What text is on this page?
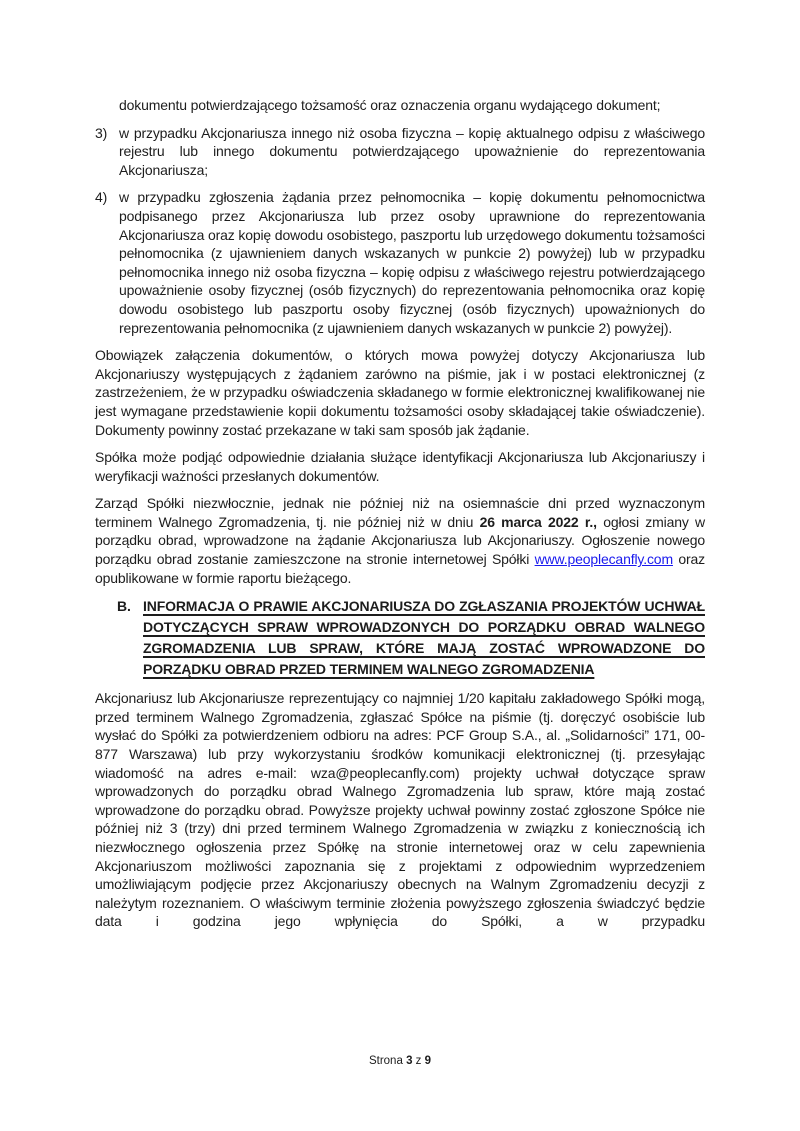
dokumentu potwierdzającego tożsamość oraz oznaczenia organu wydającego dokument;

3) w przypadku Akcjonariusza innego niż osoba fizyczna – kopię aktualnego odpisu z właściwego rejestru lub innego dokumentu potwierdzającego upoważnienie do reprezentowania Akcjonariusza;

4) w przypadku zgłoszenia żądania przez pełnomocnika – kopię dokumentu pełnomocnictwa podpisanego przez Akcjonariusza lub przez osoby uprawnione do reprezentowania Akcjonariusza oraz kopię dowodu osobistego, paszportu lub urzędowego dokumentu tożsamości pełnomocnika (z ujawnieniem danych wskazanych w punkcie 2) powyżej) lub w przypadku pełnomocnika innego niż osoba fizyczna – kopię odpisu z właściwego rejestru potwierdzającego upoważnienie osoby fizycznej (osób fizycznych) do reprezentowania pełnomocnika oraz kopię dowodu osobistego lub paszportu osoby fizycznej (osób fizycznych) upoważnionych do reprezentowania pełnomocnika (z ujawnieniem danych wskazanych w punkcie 2) powyżej).

Obowiązek załączenia dokumentów, o których mowa powyżej dotyczy Akcjonariusza lub Akcjonariuszy występujących z żądaniem zarówno na piśmie, jak i w postaci elektronicznej (z zastrzeżeniem, że w przypadku oświadczenia składanego w formie elektronicznej kwalifikowanej nie jest wymagane przedstawienie kopii dokumentu tożsamości osoby składającej takie oświadczenie). Dokumenty powinny zostać przekazane w taki sam sposób jak żądanie.

Spółka może podjąć odpowiednie działania służące identyfikacji Akcjonariusza lub Akcjonariuszy i weryfikacji ważności przesłanych dokumentów.

Zarząd Spółki niezwłocznie, jednak nie później niż na osiemnaście dni przed wyznaczonym terminem Walnego Zgromadzenia, tj. nie później niż w dniu 26 marca 2022 r., ogłosi zmiany w porządku obrad, wprowadzone na żądanie Akcjonariusza lub Akcjonariuszy. Ogłoszenie nowego porządku obrad zostanie zamieszczone na stronie internetowej Spółki www.peoplecanfly.com oraz opublikowane w formie raportu bieżącego.

B. INFORMACJA O PRAWIE AKCJONARIUSZA DO ZGŁASZANIA PROJEKTÓW UCHWAŁ DOTYCZĄCYCH SPRAW WPROWADZONYCH DO PORZĄDKU OBRAD WALNEGO ZGROMADZENIA LUB SPRAW, KTÓRE MAJĄ ZOSTAĆ WPROWADZONE DO PORZĄDKU OBRAD PRZED TERMINEM WALNEGO ZGROMADZENIA

Akcjonariusz lub Akcjonariusze reprezentujący co najmniej 1/20 kapitału zakładowego Spółki mogą, przed terminem Walnego Zgromadzenia, zgłaszać Spółce na piśmie (tj. doręczyć osobiście lub wysłać do Spółki za potwierdzeniem odbioru na adres: PCF Group S.A., al. „Solidarności” 171, 00-877 Warszawa) lub przy wykorzystaniu środków komunikacji elektronicznej (tj. przesyłając wiadomość na adres e-mail: wza@peoplecanfly.com) projekty uchwał dotyczące spraw wprowadzonych do porządku obrad Walnego Zgromadzenia lub spraw, które mają zostać wprowadzone do porządku obrad. Powyższe projekty uchwał powinny zostać zgłoszone Spółce nie później niż 3 (trzy) dni przed terminem Walnego Zgromadzenia w związku z koniecznością ich niezwłocznego ogłoszenia przez Spółkę na stronie internetowej oraz w celu zapewnienia Akcjonariuszom możliwości zapoznania się z projektami z odpowiednim wyprzedzeniem umożliwiającym podjęcie przez Akcjonariuszy obecnych na Walnym Zgromadzeniu decyzji z należytym rozeznaniem. O właściwym terminie złożenia powyższego zgłoszenia świadczyć będzie data i godzina jego wpłynięcia do Spółki, a w przypadku

Strona 3 z 9
